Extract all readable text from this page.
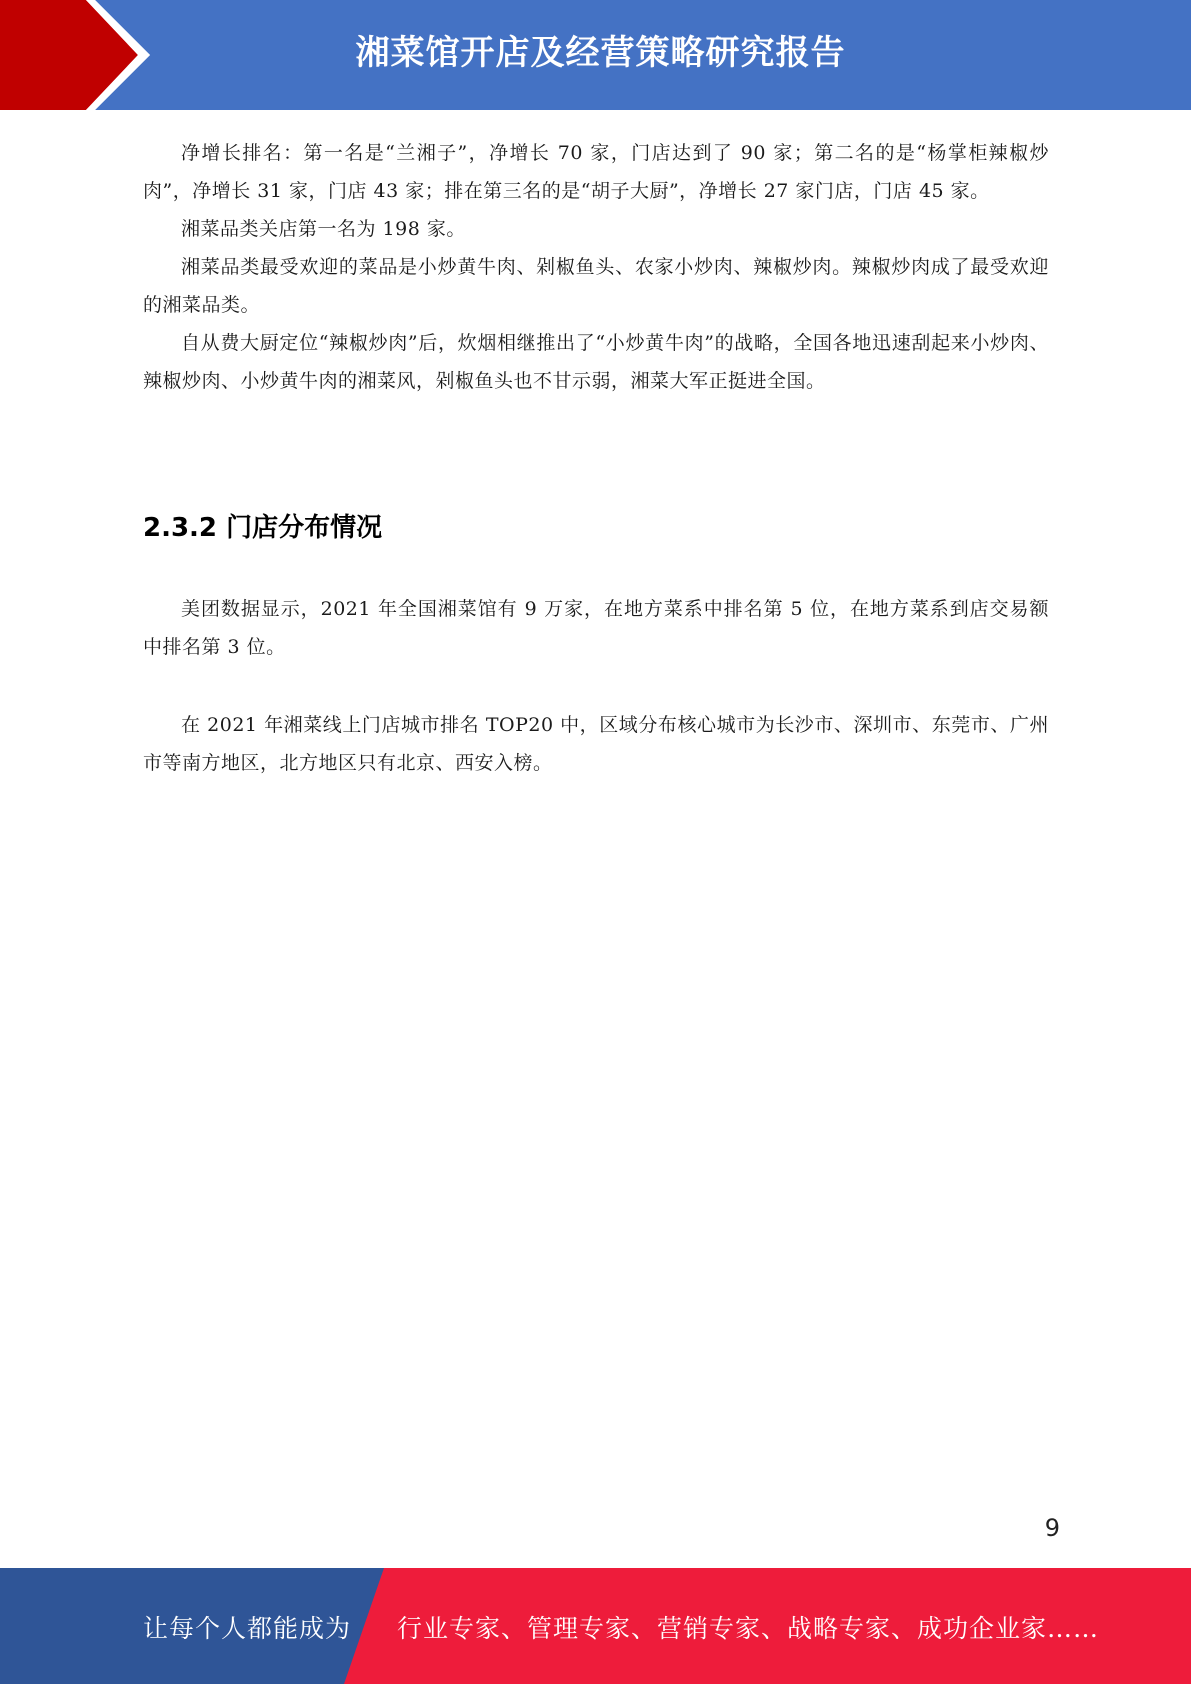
湘菜馆开店及经营策略研究报告

净增长排名：第一名是“兰湘子”，净增长 70 家，门店达到了 90 家；第二名的是“杨掌柜辣椒炒肉”，净增长 31 家，门店 43 家；排在第三名的是“胡子大厨”，净增长 27 家门店，门店 45 家。

湘菜品类关店第一名为 198 家。

湘菜品类最受欢迎的菜品是小炒黄牛肉、剁椒鱼头、农家小炒肉、辣椒炒肉。辣椒炒肉成了最受欢迎的湘菜品类。

自从费大厨定位“辣椒炒肉”后，炊烟相继推出了“小炒黄牛肉”的战略，全国各地迅速刮起来小炒肉、辣椒炒肉、小炒黄牛肉的湘菜风，剁椒鱼头也不甘示弱，湘菜大军正挺进全国。

2.3.2 门店分布情况

美团数据显示，2021 年全国湘菜馆有 9 万家，在地方菜系中排名第 5 位，在地方菜系到店交易额中排名第 3 位。

在 2021 年湘菜线上门店城市排名 TOP20 中，区域分布核心城市为长沙市、深圳市、东莞市、广州市等南方地区，北方地区只有北京、西安入榜。

9
让每个人都能成为 行业专家、管理专家、营销专家、战略专家、成功企业家……
